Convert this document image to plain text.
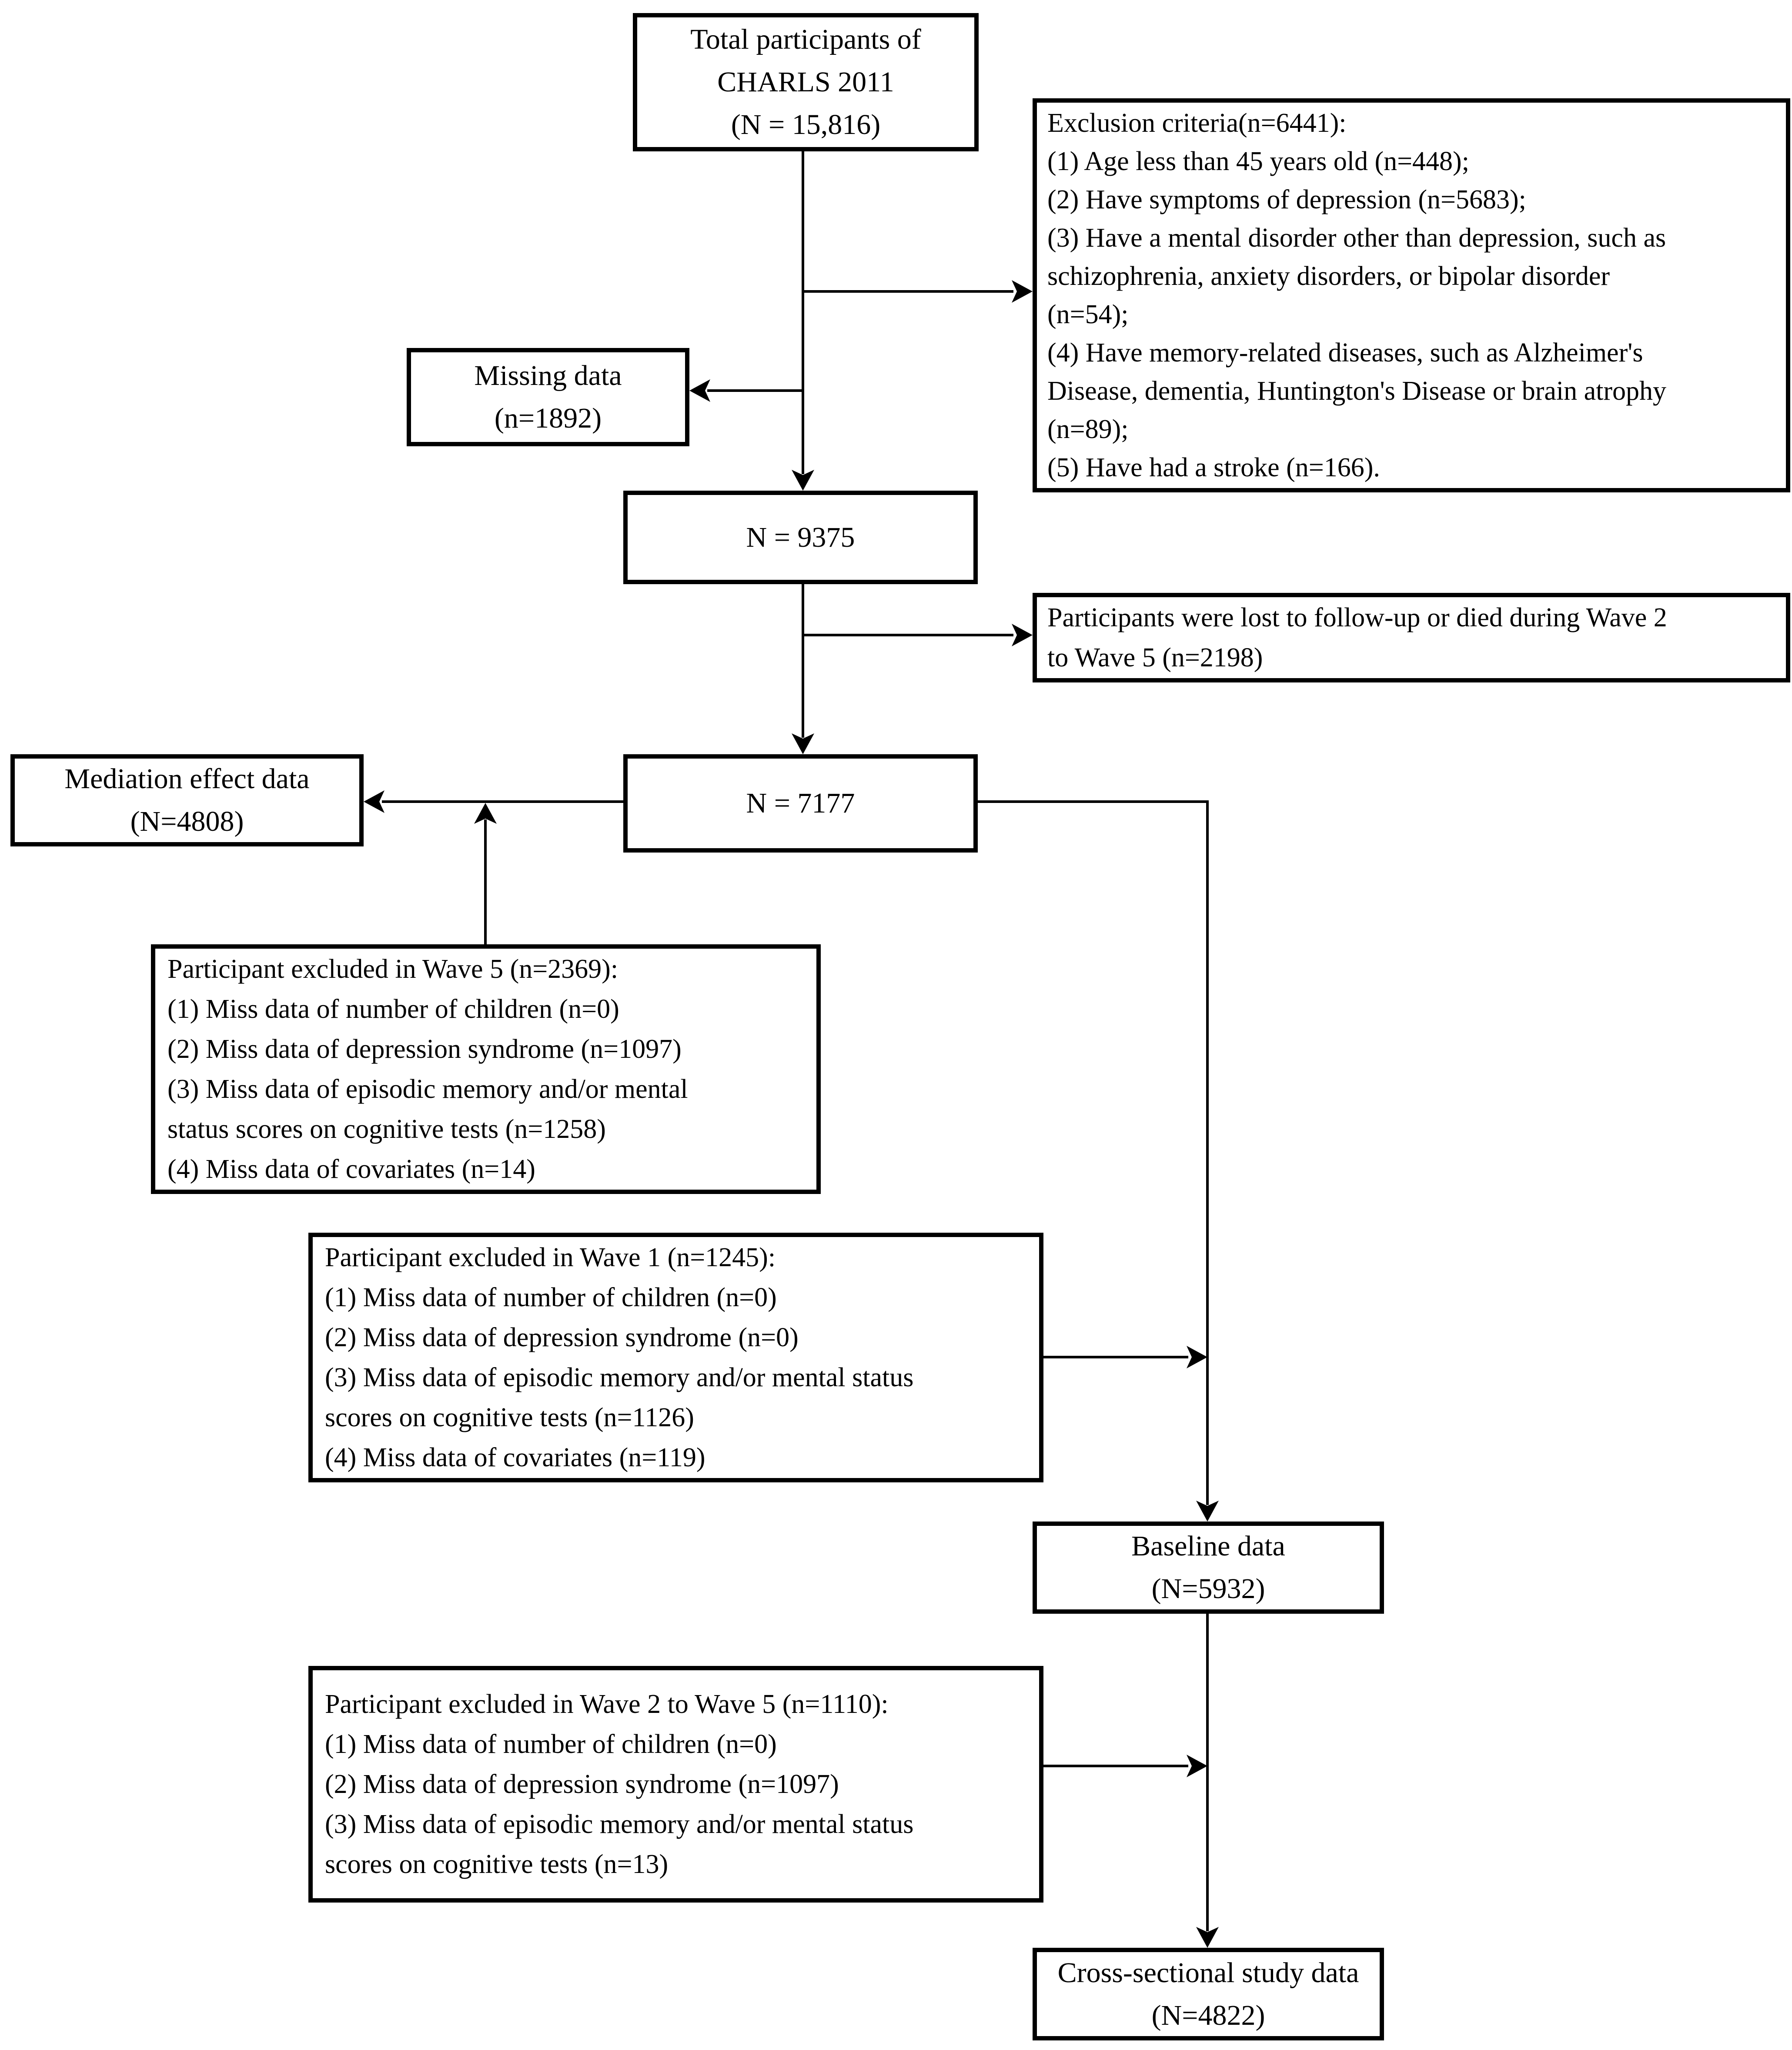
Total participants of
CHARLS 2011
(N = 15,816)	Exclusion criteria(n=6441):
(1) Age less than 45 years old (n=448);
(2) Have symptoms of depression (n=5683);
(3) Have a mental disorder other than depression, such as
schizophrenia, anxiety disorders, or bipolar disorder
(n=54);
(4) Have memory-related diseases, such as Alzheimer's
Disease, dementia, Huntington's Disease or brain atrophy
(n=89);
(5) Have had a stroke (n=166).
Missing data
(n=1892)
N = 9375
Participants were lost to follow-up or died during Wave 2
to Wave 5 (n=2198)
Mediation effect data
(N=4808)
N = 7177
Participant excluded in Wave 5 (n=2369):
(1) Miss data of number of children (n=0)
(2) Miss data of depression syndrome (n=1097)
(3) Miss data of episodic memory and/or mental
status scores on cognitive tests (n=1258)
(4) Miss data of covariates (n=14)
Participant excluded in Wave 1 (n=1245):
(1) Miss data of number of children (n=0)
(2) Miss data of depression syndrome (n=0)
(3) Miss data of episodic memory and/or mental status
scores on cognitive tests (n=1126)
(4) Miss data of covariates (n=119)
Baseline data
(N=5932)
Participant excluded in Wave 2 to Wave 5 (n=1110):
(1) Miss data of number of children (n=0)
(2) Miss data of depression syndrome (n=1097)
(3) Miss data of episodic memory and/or mental status
scores on cognitive tests (n=13)
Cross-sectional study data
(N=4822)
